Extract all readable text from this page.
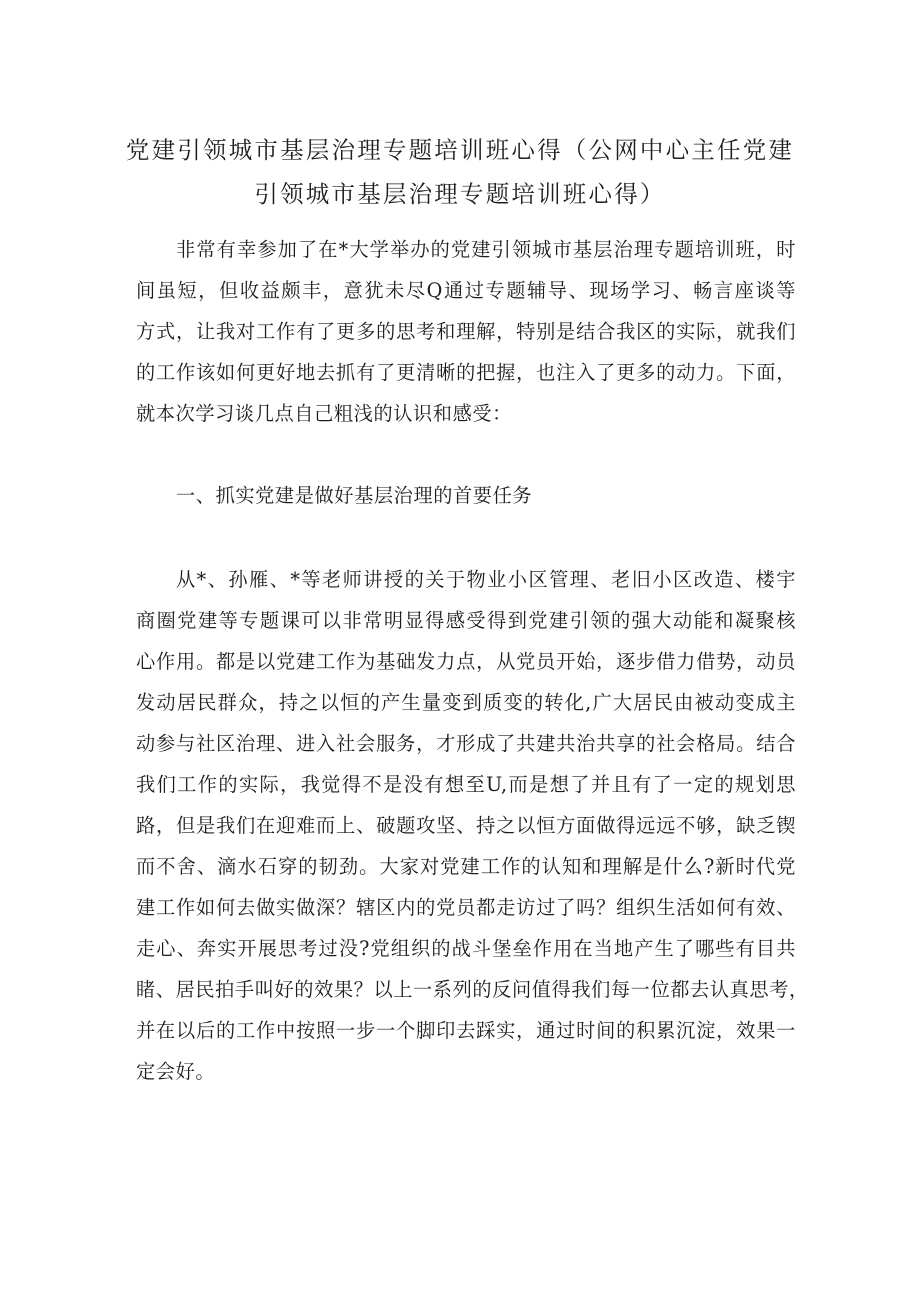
党建引领城市基层治理专题培训班心得（公网中心主任党建
引领城市基层治理专题培训班心得）
非常有幸参加了在*大学举办的党建引领城市基层治理专题培训班，时
间虽短，但收益颇丰，意犹未尽Q通过专题辅导、现场学习、畅言座谈等
方式，让我对工作有了更多的思考和理解，特别是结合我区的实际，就我们
的工作该如何更好地去抓有了更清晰的把握，也注入了更多的动力。下面，
就本次学习谈几点自己粗浅的认识和感受：
一、抓实党建是做好基层治理的首要任务
从*、孙雁、*等老师讲授的关于物业小区管理、老旧小区改造、楼宇
商圈党建等专题课可以非常明显得感受得到党建引领的强大动能和凝聚核
心作用。都是以党建工作为基础发力点，从党员开始，逐步借力借势，动员
发动居民群众，持之以恒的产生量变到质变的转化,广大居民由被动变成主
动参与社区治理、进入社会服务，才形成了共建共治共享的社会格局。结合
我们工作的实际，我觉得不是没有想至U,而是想了并且有了一定的规划思
路，但是我们在迎难而上、破题攻坚、持之以恒方面做得远远不够，缺乏锲
而不舍、滴水石穿的韧劲。大家对党建工作的认知和理解是什么?新时代党
建工作如何去做实做深？辖区内的党员都走访过了吗？组织生活如何有效、
走心、奔实开展思考过没?党组织的战斗堡垒作用在当地产生了哪些有目共
睹、居民拍手叫好的效果？以上一系列的反问值得我们每一位都去认真思考，
并在以后的工作中按照一步一个脚印去踩实，通过时间的积累沉淀，效果一
定会好。
